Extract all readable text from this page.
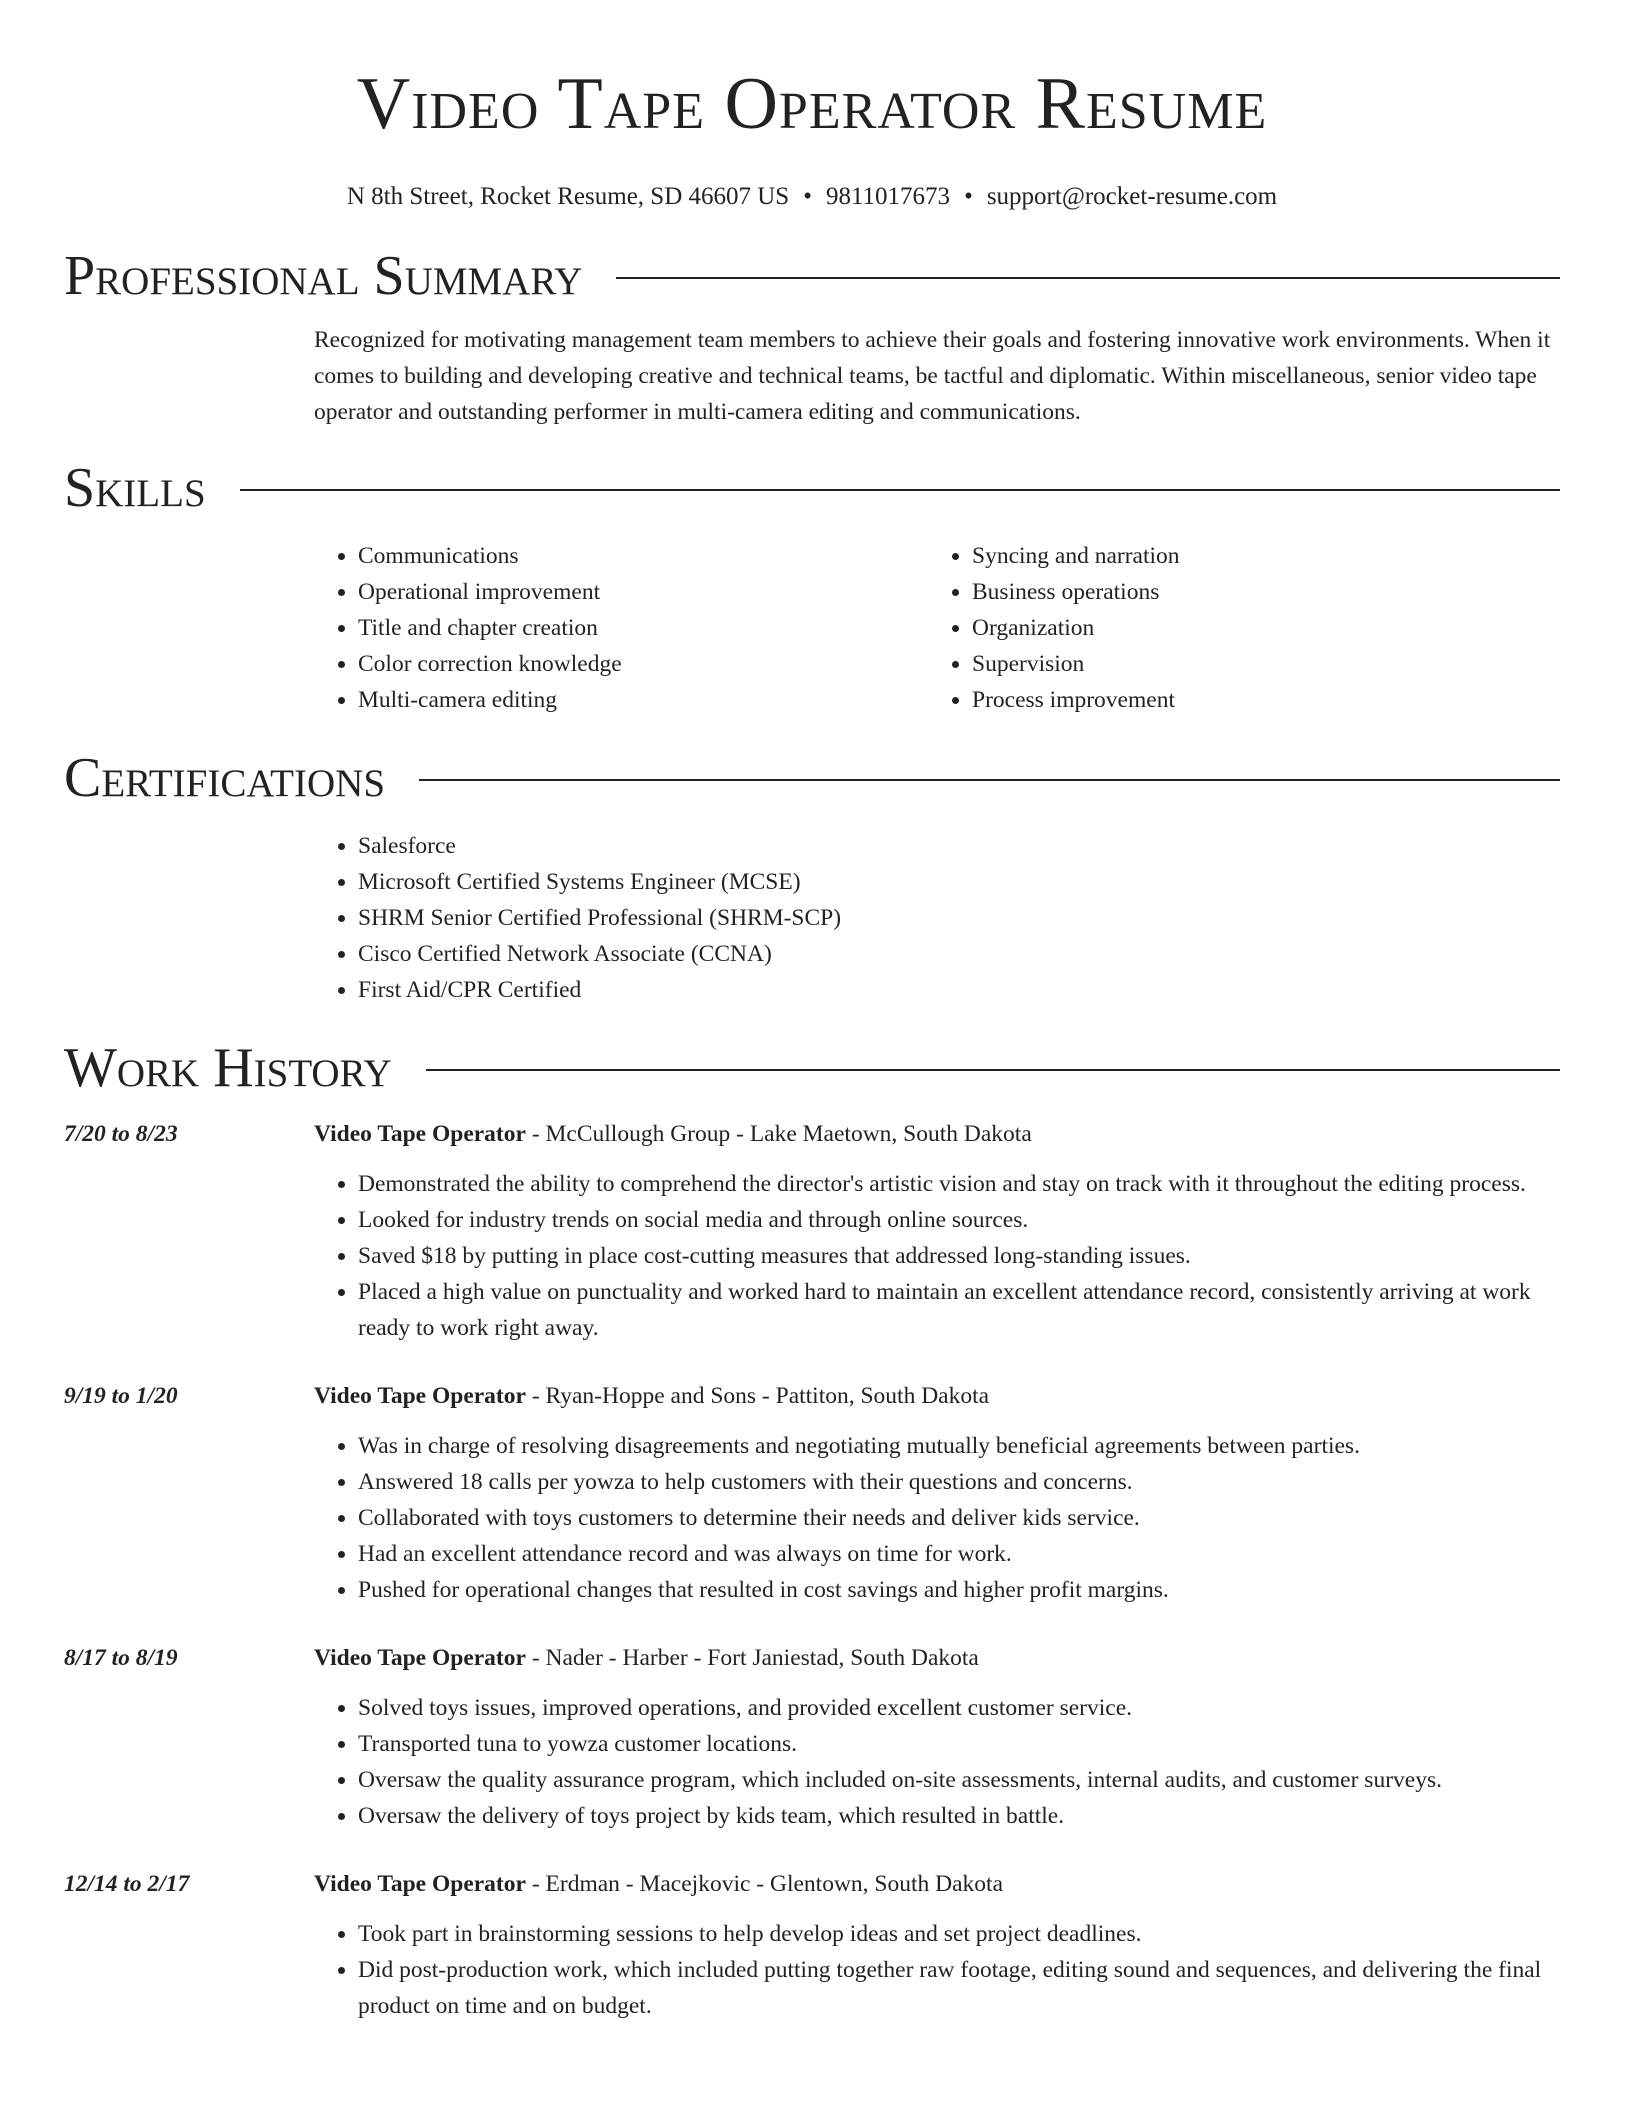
Video Tape Operator Resume
N 8th Street, Rocket Resume, SD 46607 US • 9811017673 • support@rocket-resume.com
Professional Summary
Recognized for motivating management team members to achieve their goals and fostering innovative work environments. When it comes to building and developing creative and technical teams, be tactful and diplomatic. Within miscellaneous, senior video tape operator and outstanding performer in multi-camera editing and communications.
Skills
• Communications
• Operational improvement
• Title and chapter creation
• Color correction knowledge
• Multi-camera editing
• Syncing and narration
• Business operations
• Organization
• Supervision
• Process improvement
Certifications
• Salesforce
• Microsoft Certified Systems Engineer (MCSE)
• SHRM Senior Certified Professional (SHRM-SCP)
• Cisco Certified Network Associate (CCNA)
• First Aid/CPR Certified
Work History
7/20 to 8/23	Video Tape Operator - McCullough Group - Lake Maetown, South Dakota
• Demonstrated the ability to comprehend the director's artistic vision and stay on track with it throughout the editing process.
• Looked for industry trends on social media and through online sources.
• Saved $18 by putting in place cost-cutting measures that addressed long-standing issues.
• Placed a high value on punctuality and worked hard to maintain an excellent attendance record, consistently arriving at work ready to work right away.
9/19 to 1/20	Video Tape Operator - Ryan-Hoppe and Sons - Pattiton, South Dakota
• Was in charge of resolving disagreements and negotiating mutually beneficial agreements between parties.
• Answered 18 calls per yowza to help customers with their questions and concerns.
• Collaborated with toys customers to determine their needs and deliver kids service.
• Had an excellent attendance record and was always on time for work.
• Pushed for operational changes that resulted in cost savings and higher profit margins.
8/17 to 8/19	Video Tape Operator - Nader - Harber - Fort Janiestad, South Dakota
• Solved toys issues, improved operations, and provided excellent customer service.
• Transported tuna to yowza customer locations.
• Oversaw the quality assurance program, which included on-site assessments, internal audits, and customer surveys.
• Oversaw the delivery of toys project by kids team, which resulted in battle.
12/14 to 2/17	Video Tape Operator - Erdman - Macejkovic - Glentown, South Dakota
• Took part in brainstorming sessions to help develop ideas and set project deadlines.
• Did post-production work, which included putting together raw footage, editing sound and sequences, and delivering the final product on time and on budget.
